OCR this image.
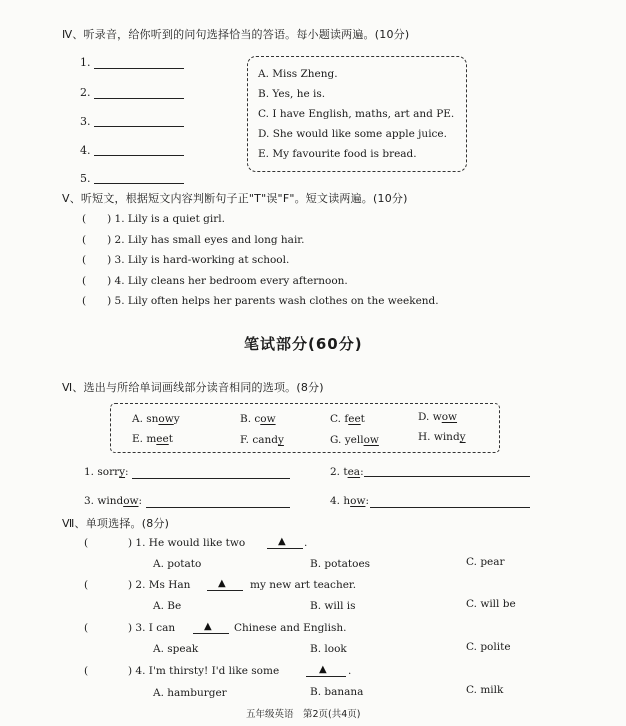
Ⅳ、听录音，给你听到的问句选择恰当的答语。每小题读两遍。(10分)
1.
2.
3.
4.
5.
A. Miss Zheng.
B. Yes, he is.
C. I have English, maths, art and PE.
D. She would like some apple juice.
E. My favourite food is bread.
Ⅴ、听短文，根据短文内容判断句子正"T"误"F"。短文读两遍。(10分)
(　　) 1. Lily is a quiet girl.
(　　) 2. Lily has small eyes and long hair.
(　　) 3. Lily is hard-working at school.
(　　) 4. Lily cleans her bedroom every afternoon.
(　　) 5. Lily often helps her parents wash clothes on the weekend.
笔试部分(60分)
Ⅵ、选出与所给单词画线部分读音相同的选项。(8分)
A. snowy	B. cow	C. feet	D. wow
E. meet	F. candy	G. yellow	H. windy
1. sorry:	2. tea:
3. window:	4. how:
Ⅶ、单项选择。(8分)
(	) 1. He would like two	▲ .
A. potato	B. potatoes	C. pear
(	) 2. Ms Han	▲ my new art teacher.
A. Be	B. will is	C. will be
(	) 3. I can	▲ Chinese and English.
A. speak	B. look	C. polite
(	) 4. I'm thirsty! I'd like some	▲ .
A. hamburger	B. banana	C. milk
五年级英语　第2页(共4页)
